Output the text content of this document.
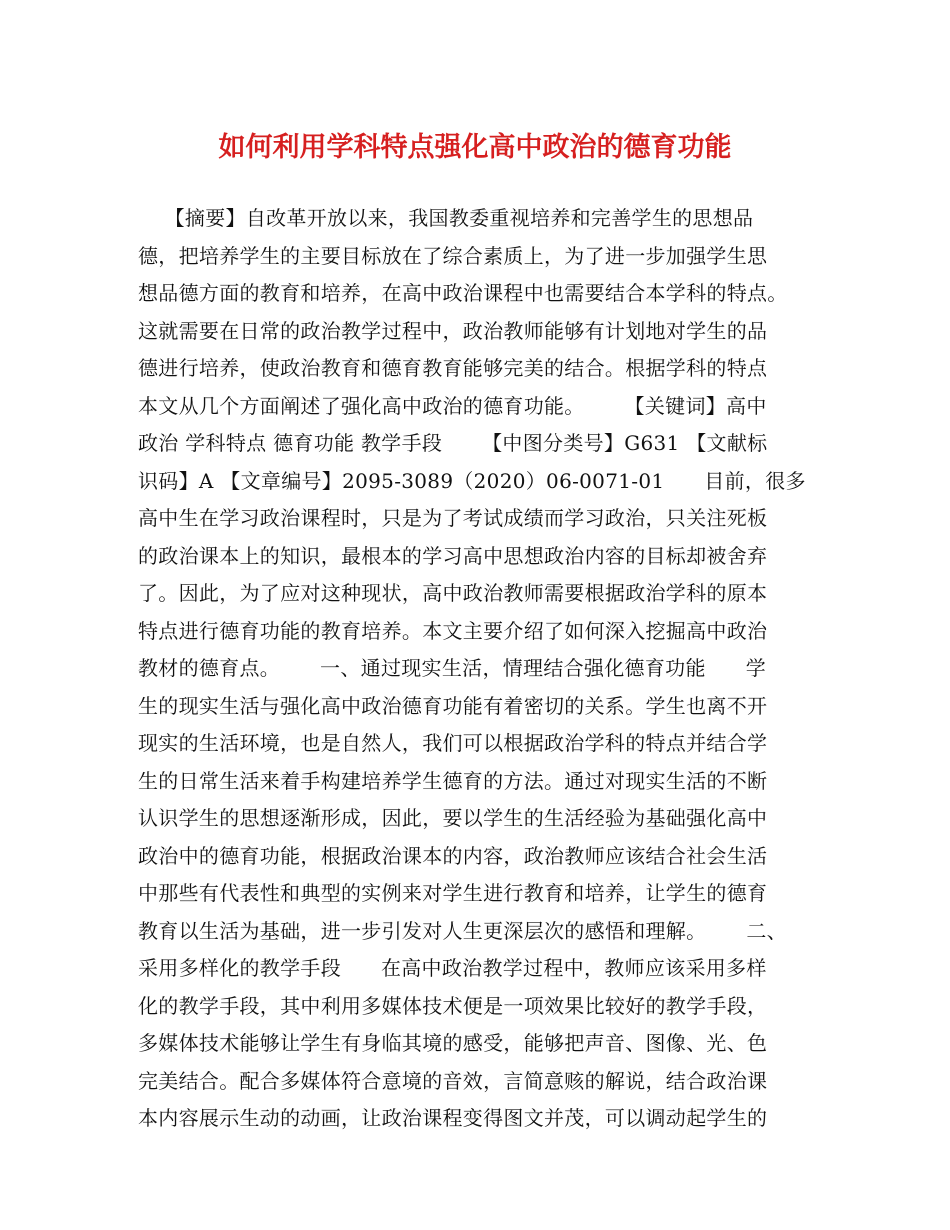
如何利用学科特点强化高中政治的德育功能
【摘要】自改革开放以来，我国教委重视培养和完善学生的思想品
德，把培养学生的主要目标放在了综合素质上，为了进一步加强学生思
想品德方面的教育和培养，在高中政治课程中也需要结合本学科的特点。
这就需要在日常的政治教学过程中，政治教师能够有计划地对学生的品
德进行培养，使政治教育和德育教育能够完美的结合。根据学科的特点
本文从几个方面阐述了强化高中政治的德育功能。      【关键词】高中
政治 学科特点 德育功能 教学手段      【中图分类号】G631 【文献标
识码】A 【文章编号】2095-3089（2020）06-0071-01      目前，很多
高中生在学习政治课程时，只是为了考试成绩而学习政治，只关注死板
的政治课本上的知识，最根本的学习高中思想政治内容的目标却被舍弃
了。因此，为了应对这种现状，高中政治教师需要根据政治学科的原本
特点进行德育功能的教育培养。本文主要介绍了如何深入挖掘高中政治
教材的德育点。      一、通过现实生活，情理结合强化德育功能      学
生的现实生活与强化高中政治德育功能有着密切的关系。学生也离不开
现实的生活环境，也是自然人，我们可以根据政治学科的特点并结合学
生的日常生活来着手构建培养学生德育的方法。通过对现实生活的不断
认识学生的思想逐渐形成，因此，要以学生的生活经验为基础强化高中
政治中的德育功能，根据政治课本的内容，政治教师应该结合社会生活
中那些有代表性和典型的实例来对学生进行教育和培养，让学生的德育
教育以生活为基础，进一步引发对人生更深层次的感悟和理解。      二、
采用多样化的教学手段      在高中政治教学过程中，教师应该采用多样
化的教学手段，其中利用多媒体技术便是一项效果比较好的教学手段，
多媒体技术能够让学生有身临其境的感受，能够把声音、图像、光、色
完美结合。配合多媒体符合意境的音效，言简意赅的解说，结合政治课
本内容展示生动的动画，让政治课程变得图文并茂，可以调动起学生的
